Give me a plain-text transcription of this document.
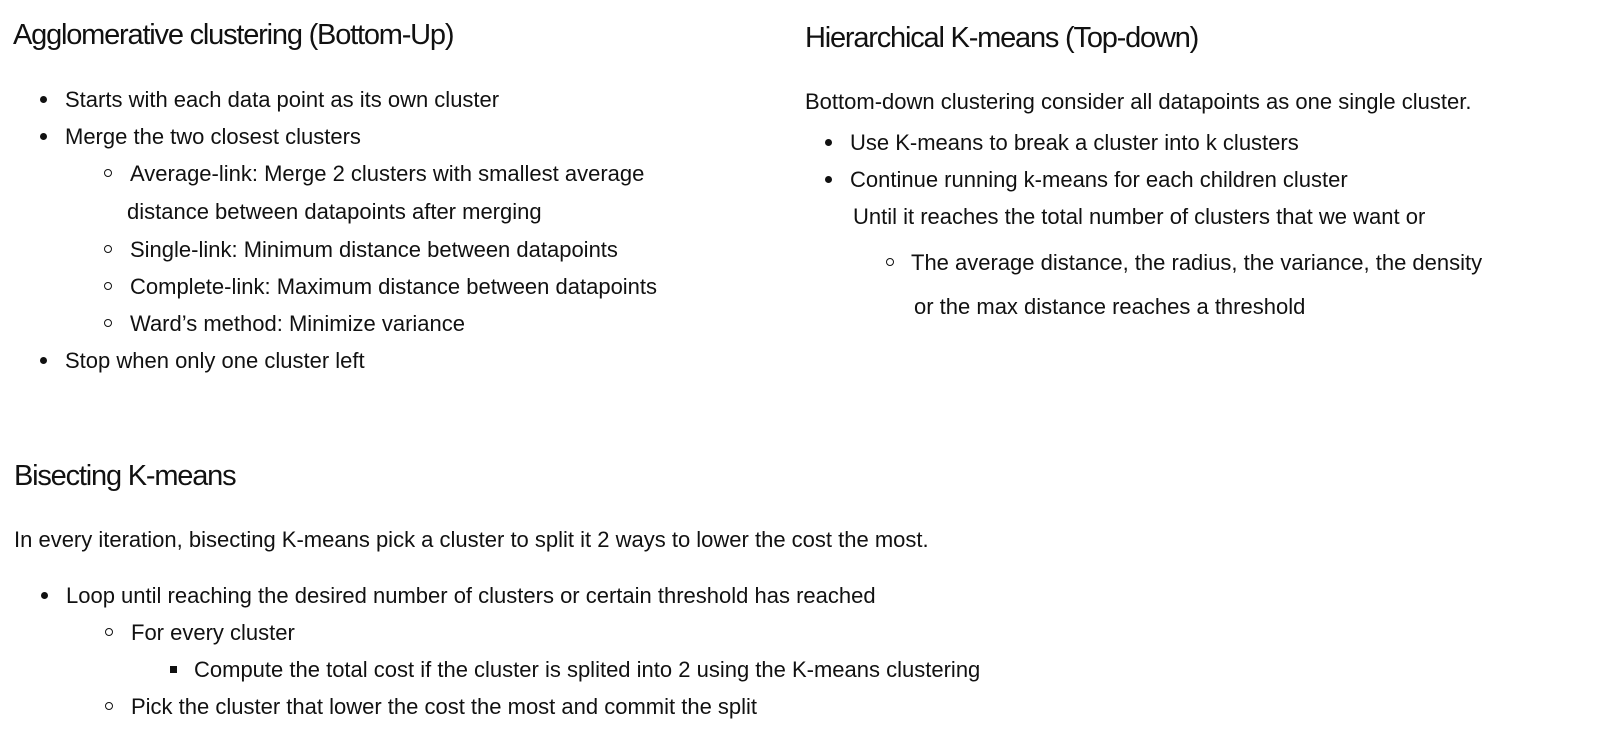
Agglomerative clustering (Bottom-Up)
Starts with each data point as its own cluster
Merge the two closest clusters
Average-link: Merge 2 clusters with smallest average
distance between datapoints after merging
Single-link: Minimum distance between datapoints
Complete-link: Maximum distance between datapoints
Ward’s method: Minimize variance
Stop when only one cluster left
Hierarchical K-means (Top-down)

Bottom-down clustering consider all datapoints as one single cluster.

Use K-means to break a cluster into k clusters
Continue running k-means for each children cluster
Until it reaches the total number of clusters that we want or
The average distance, the radius, the variance, the density
or the max distance reaches a threshold
Bisecting K-means

In every iteration, bisecting K-means pick a cluster to split it 2 ways to lower the cost the most.

Loop until reaching the desired number of clusters or certain threshold has reached
For every cluster
Compute the total cost if the cluster is splited into 2 using the K-means clustering
Pick the cluster that lower the cost the most and commit the split
